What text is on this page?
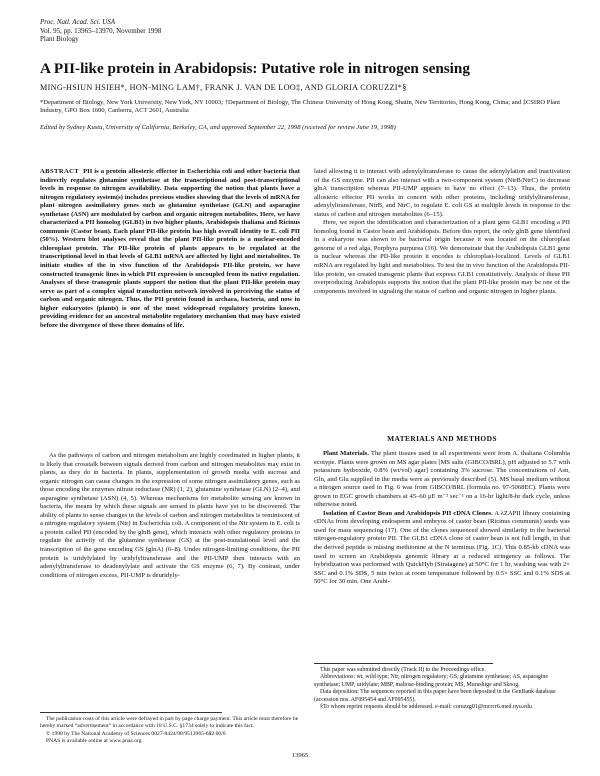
Proc. Natl. Acad. Sci. USA
Vol. 95, pp. 13965–13970, November 1998
Plant Biology
A PII-like protein in Arabidopsis: Putative role in nitrogen sensing
MING-HSIUN HSIEH*, HON-MING LAM†, FRANK J. VAN DE LOO‡, AND GLORIA CORUZZI*§
*Department of Biology, New York University, New York, NY 10003; †Department of Biology, The Chinese University of Hong Kong, Shatin, New Territories, Hong Kong, China; and ‡CSIRO Plant Industry, GPO Box 1600, Canberra, ACT 2601, Australia
Edited by Sydney Kustu, University of California, Berkeley, CA, and approved September 22, 1998 (received for review June 19, 1998)

ABSTRACT PII is a protein allosteric effector in Escherichia coli and other bacteria that indirectly regulates glutamine synthetase at the transcriptional and post-transcriptional levels in response to nitrogen availability. Data supporting the notion that plants have a nitrogen regulatory system(s) includes previous studies showing that the levels of mRNA for plant nitrogen assimilatory genes such as glutamine synthetase (GLN) and asparagine synthetase (ASN) are modulated by carbon and organic nitrogen metabolites. Here, we have characterized a PII homolog (GLB1) in two higher plants, Arabidopsis thaliana and Ricinus communis (Castor bean). Each plant PII-like protein has high overall identity to E. coli PII (50%). Western blot analyses reveal that the plant PII-like protein is a nuclear-encoded chloroplast protein. The PII-like protein of plants appears to be regulated at the transcriptional level in that levels of GLB1 mRNA are affected by light and metabolites. To initiate studies of the in vivo function of the Arabidopsis PII-like protein, we have constructed transgenic lines in which PII expression is uncoupled from its native regulation. Analyses of these transgenic plants support the notion that the plant PII-like protein may serve as part of a complex signal transduction network involved in perceiving the status of carbon and organic nitrogen. Thus, the PII protein found in archaea, bacteria, and now in higher eukaryotes (plants) is one of the most widespread regulatory proteins known, providing evidence for an ancestral metabolite regulatory mechanism that may have existed before the divergence of these three domains of life.

As the pathways of carbon and nitrogen metabolism are highly coordinated in higher plants, it is likely that crosstalk between signals derived from carbon and nitrogen metabolites may exist in plants, as they do in bacteria. In plants, supplementation of growth media with sucrose and organic nitrogen can cause changes in the expression of some nitrogen assimilatory genes, such as those encoding the enzymes nitrate reductase (NR) (1, 2), glutamine synthetase (GLN) (2–4), and asparagine synthetase (ASN) (4, 5). Whereas mechanisms for metabolite sensing are known in bacteria, the means by which these signals are sensed in plants have yet to be discovered. The ability of plants to sense changes in the levels of carbon and nitrogen metabolites is reminiscent of a nitrogen regulatory system (Ntr) in Escherichia coli. A component of the Ntr system in E. coli is a protein called PII (encoded by the glnB gene), which interacts with other regulatory proteins to regulate the activity of the glutamine synthetase (GS) at the post-translational level and the transcription of the gene encoding GS (glnA) (6–8). Under nitrogen-limiting conditions, the PII protein is uridylylated by uridylyltransferase and the PII-UMP then interacts with an adenylyltransferase to deadenylylate and activate the GS enzyme (6, 7). By contrast, under conditions of nitrogen excess, PII-UMP is deuridyly-

The publication costs of this article were defrayed in part by page charge payment. This article must therefore be hereby marked “advertisement” in accordance with 18 U.S.C. §1734 solely to indicate this fact.

© 1998 by The National Academy of Sciences 0027-8424/98/9513965-6$2.00/0

PNAS is available online at www.pnas.org.

lated allowing it to interact with adenylyltransferase to cause the adenylylation and inactivation of the GS enzyme. PII can also interact with a two-component system (NtrB/NtrC) to decrease glnA transcription whereas PII-UMP appears to have no effect (7–13). Thus, the protein allosteric effector PII works in concert with other proteins, including uridylyltransferase, adenylyltransferase, NtrB, and NtrC, to regulate E. coli GS at multiple levels in response to the status of carbon and nitrogen metabolites (6–15).

Here, we report the identification and characterization of a plant gene GLB1 encoding a PII homolog found in Castor bean and Arabidopsis. Before this report, the only glnB gene identified in a eukaryote was shown to be bacterial origin because it was located on the chloroplast genome of a red alga, Porphyra purpurea (16). We demonstrate that the Arabidopsis GLB1 gene is nuclear whereas the PII-like protein it encodes is chloroplast-localized. Levels of GLB1 mRNA are regulated by light and metabolites. To test the in vivo function of the Arabidopsis PII-like protein, we created transgenic plants that express GLB1 constitutively. Analysis of these PII overproducing Arabidopsis supports the notion that the plant PII-like protein may be one of the components involved in signaling the status of carbon and organic nitrogen in higher plants.

MATERIALS AND METHODS

Plant Materials. The plant tissues used in all experiments were from A. thaliana Columbia ecotype. Plants were grown on MS agar plates [MS salts (GIBCO/BRL), pH adjusted to 5.7 with potassium hydroxide, 0.8% (wt/vol) agar] containing 3% sucrose. The concentrations of Asn, Gln, and Glu supplied in the media were as previously described (5). MS basal medium without a nitrogen source used in Fig. 6 was from GIBCO/BRL (formula no. 97-5068EC). Plants were grown in EGC growth chambers at 45–60 μE m⁻² sec⁻¹ on a 16-hr light/8-hr dark cycle, unless otherwise noted.

Isolation of Castor Bean and Arabidopsis PII cDNA Clones. A λZAPII library containing cDNAs from developing endosperm and embryos of castor bean (Ricinus communis) seeds was used for mass sequencing (17). One of the clones sequenced showed similarity to the bacterial nitrogen-regulatory protein PII. The GLB1 cDNA clone of castor bean is not full length, in that the derived peptide is missing methionine at the N terminus (Fig. 1C). This 0.85-kb cDNA was used to screen an Arabidopsis genomic library at a reduced stringency as follows. The hybridization was performed with QuickHyb (Stratagene) at 50°C for 1 hr, washing was with 2× SSC and 0.1% SDS, 5 min twice at room temperature followed by 0.5× SSC and 0.1% SDS at 50°C for 30 min. One Arabi-

This paper was submitted directly (Track II) to the Proceedings office.

Abbreviations: wt, wild type; Ntr, nitrogen regulatory; GS, glutamine synthetase; AS, asparagine synthetase; UMP, uridylate; MBP, maltose-binding protein; MS, Murashige and Skoog.

Data deposition: The sequences reported in this paper have been deposited in the GenBank database (accession nos. AF095454 and AF095455).

§To whom reprint requests should be addressed. e-mail: coruzzg01@mcrcr6.med.nyu.edu.

13965
